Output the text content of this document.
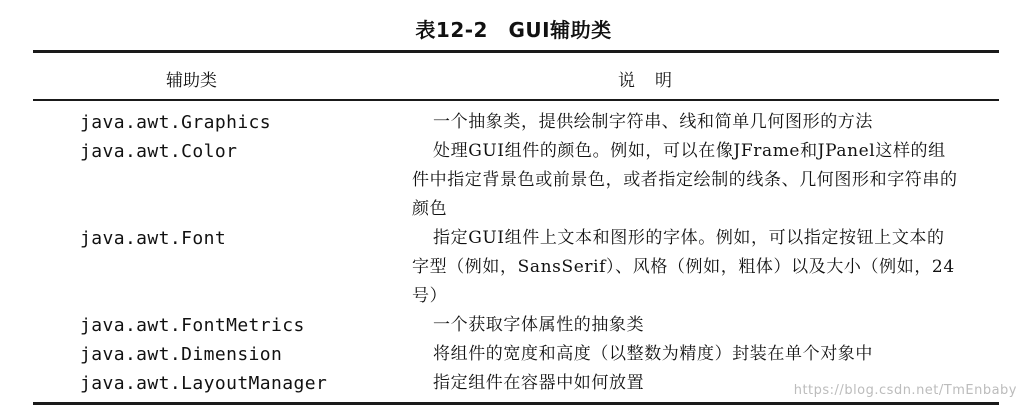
表12-2　GUI辅助类
辅助类	说明
java.awt.Graphics	一个抽象类，提供绘制字符串、线和简单几何图形的方法
java.awt.Color	处理GUI组件的颜色。例如，可以在像JFrame和JPanel这样的组件中指定背景色或前景色，或者指定绘制的线条、几何图形和字符串的颜色
java.awt.Font	指定GUI组件上文本和图形的字体。例如，可以指定按钮上文本的字型（例如，SansSerif）、风格（例如，粗体）以及大小（例如，24号）
java.awt.FontMetrics	一个获取字体属性的抽象类
java.awt.Dimension	将组件的宽度和高度（以整数为精度）封装在单个对象中
java.awt.LayoutManager	指定组件在容器中如何放置	https://blog.csdn.net/TmEnbaby
